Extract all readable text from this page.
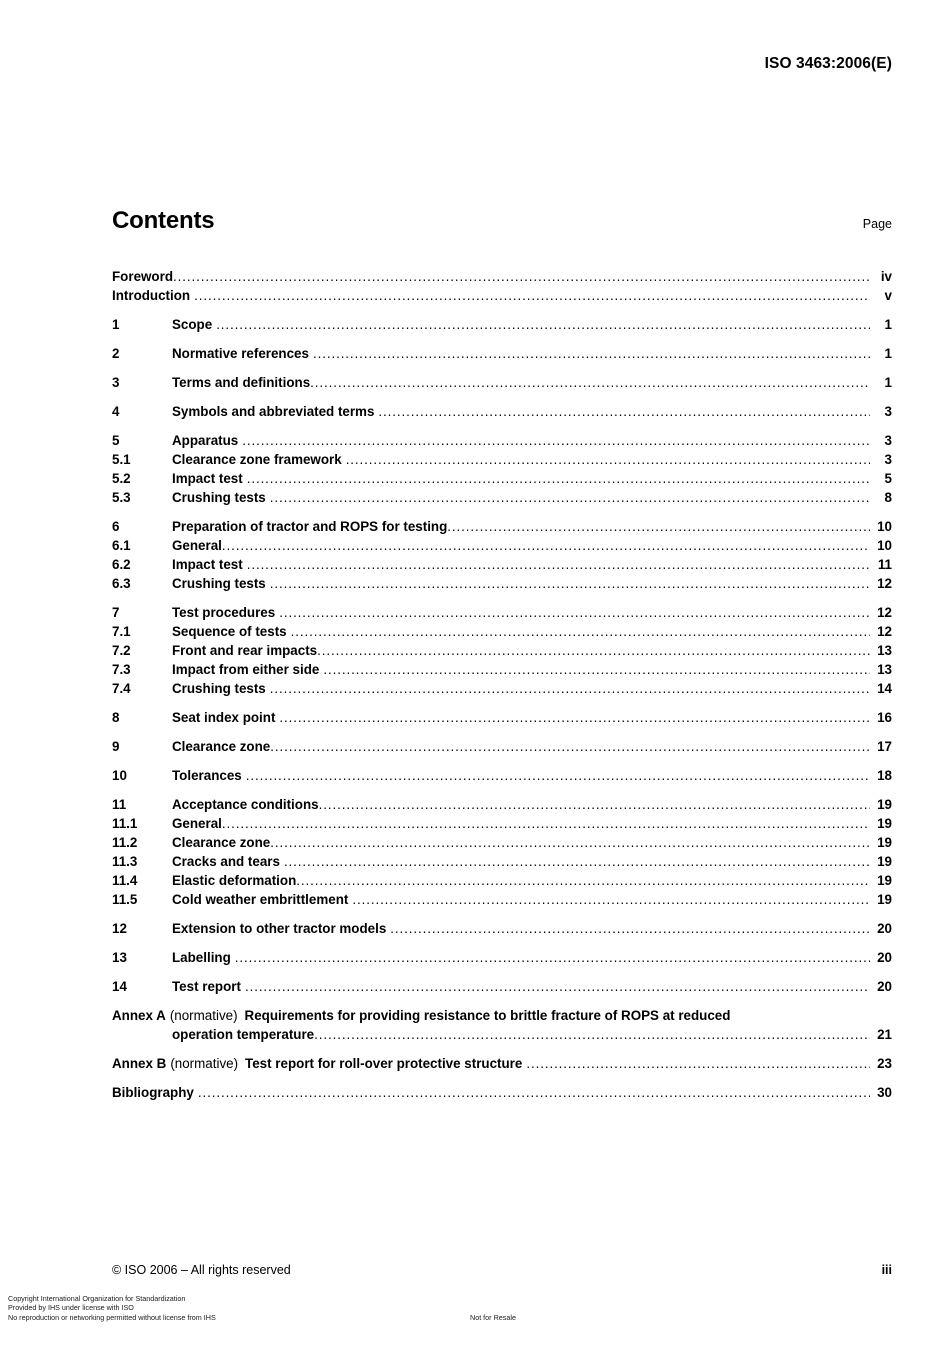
ISO 3463:2006(E)
Contents	Page
Foreword .....	iv
Introduction .....	v
1	Scope .....	1
2	Normative references .....	1
3	Terms and definitions .....	1
4	Symbols and abbreviated terms .....	3
5	Apparatus .....	3
5.1	Clearance zone framework .....	3
5.2	Impact test .....	5
5.3	Crushing tests .....	8
6	Preparation of tractor and ROPS for testing .....	10
6.1	General .....	10
6.2	Impact test .....	11
6.3	Crushing tests .....	12
7	Test procedures .....	12
7.1	Sequence of tests .....	12
7.2	Front and rear impacts .....	13
7.3	Impact from either side .....	13
7.4	Crushing tests .....	14
8	Seat index point .....	16
9	Clearance zone .....	17
10	Tolerances .....	18
11	Acceptance conditions .....	19
11.1	General .....	19
11.2	Clearance zone .....	19
11.3	Cracks and tears .....	19
11.4	Elastic deformation .....	19
11.5	Cold weather embrittlement .....	19
12	Extension to other tractor models .....	20
13	Labelling .....	20
14	Test report .....	20
Annex A (normative) Requirements for providing resistance to brittle fracture of ROPS at reduced
operation temperature .....	21
Annex B (normative) Test report for roll-over protective structure .....	23
Bibliography .....	30
© ISO 2006 – All rights reserved	iii
Copyright International Organization for Standardization
Provided by IHS under license with ISO
No reproduction or networking permitted without license from IHS	Not for Resale
